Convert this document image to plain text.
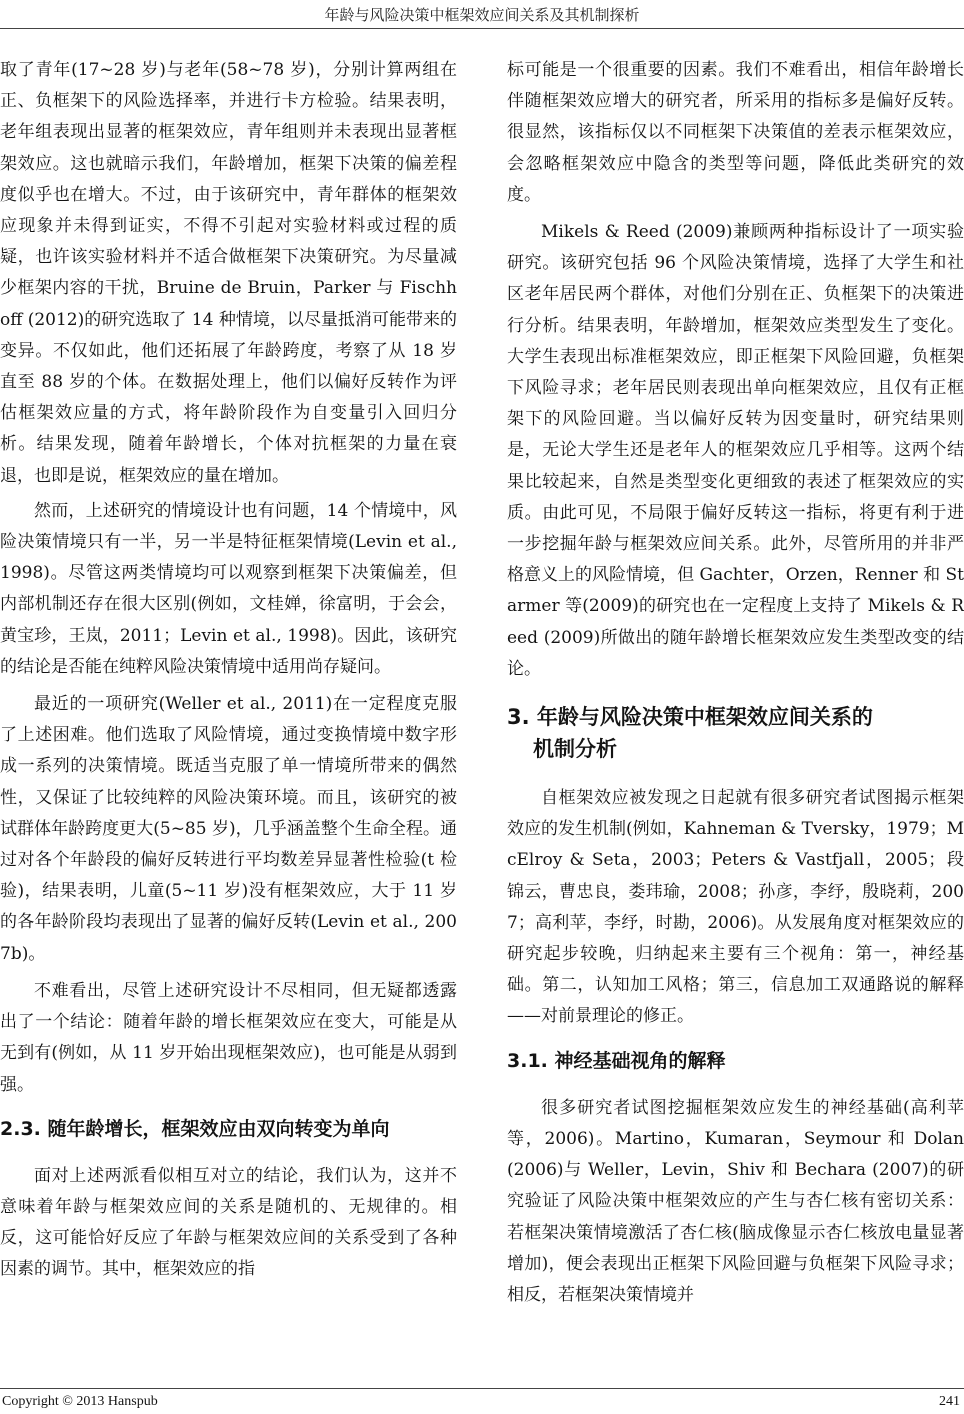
年龄与风险决策中框架效应间关系及其机制探析

取了青年(17~28 岁)与老年(58~78 岁)，分别计算两组在正、负框架下的风险选择率，并进行卡方检验。结果表明，老年组表现出显著的框架效应，青年组则并未表现出显著框架效应。这也就暗示我们，年龄增加，框架下决策的偏差程度似乎也在增大。不过，由于该研究中，青年群体的框架效应现象并未得到证实，不得不引起对实验材料或过程的质疑，也许该实验材料并不适合做框架下决策研究。为尽量减少框架内容的干扰，Bruine de Bruin，Parker 与 Fischhoff (2012)的研究选取了 14 种情境，以尽量抵消可能带来的变异。不仅如此，他们还拓展了年龄跨度，考察了从 18 岁直至 88 岁的个体。在数据处理上，他们以偏好反转作为评估框架效应量的方式，将年龄阶段作为自变量引入回归分析。结果发现，随着年龄增长，个体对抗框架的力量在衰退，也即是说，框架效应的量在增加。

然而，上述研究的情境设计也有问题，14 个情境中，风险决策情境只有一半，另一半是特征框架情境(Levin et al., 1998)。尽管这两类情境均可以观察到框架下决策偏差，但内部机制还存在很大区别(例如，文桂婵，徐富明，于会会，黄宝珍，王岚，2011；Levin et al., 1998)。因此，该研究的结论是否能在纯粹风险决策情境中适用尚存疑问。

最近的一项研究(Weller et al., 2011)在一定程度克服了上述困难。他们选取了风险情境，通过变换情境中数字形成一系列的决策情境。既适当克服了单一情境所带来的偶然性，又保证了比较纯粹的风险决策环境。而且，该研究的被试群体年龄跨度更大(5~85 岁)，几乎涵盖整个生命全程。通过对各个年龄段的偏好反转进行平均数差异显著性检验(t 检验)，结果表明，儿童(5~11 岁)没有框架效应，大于 11 岁的各年龄阶段均表现出了显著的偏好反转(Levin et al., 2007b)。

不难看出，尽管上述研究设计不尽相同，但无疑都透露出了一个结论：随着年龄的增长框架效应在变大，可能是从无到有(例如，从 11 岁开始出现框架效应)，也可能是从弱到强。

2.3. 随年龄增长，框架效应由双向转变为单向

面对上述两派看似相互对立的结论，我们认为，这并不意味着年龄与框架效应间的关系是随机的、无规律的。相反，这可能恰好反应了年龄与框架效应间的关系受到了各种因素的调节。其中，框架效应的指

标可能是一个很重要的因素。我们不难看出，相信年龄增长伴随框架效应增大的研究者，所采用的指标多是偏好反转。很显然，该指标仅以不同框架下决策值的差表示框架效应，会忽略框架效应中隐含的类型等问题，降低此类研究的效度。

Mikels & Reed (2009)兼顾两种指标设计了一项实验研究。该研究包括 96 个风险决策情境，选择了大学生和社区老年居民两个群体，对他们分别在正、负框架下的决策进行分析。结果表明，年龄增加，框架效应类型发生了变化。大学生表现出标准框架效应，即正框架下风险回避，负框架下风险寻求；老年居民则表现出单向框架效应，且仅有正框架下的风险回避。当以偏好反转为因变量时，研究结果则是，无论大学生还是老年人的框架效应几乎相等。这两个结果比较起来，自然是类型变化更细致的表述了框架效应的实质。由此可见，不局限于偏好反转这一指标，将更有利于进一步挖掘年龄与框架效应间关系。此外，尽管所用的并非严格意义上的风险情境，但 Gachter，Orzen，Renner 和 Starmer 等(2009)的研究也在一定程度上支持了 Mikels & Reed (2009)所做出的随年龄增长框架效应发生类型改变的结论。

3. 年龄与风险决策中框架效应间关系的
机制分析

自框架效应被发现之日起就有很多研究者试图揭示框架效应的发生机制(例如，Kahneman & Tversky，1979；McElroy & Seta，2003；Peters & Vastfjall，2005；段锦云，曹忠良，娄玮瑜，2008；孙彦，李纾，殷晓莉，2007；高利苹，李纾，时勘，2006)。从发展角度对框架效应的研究起步较晚，归纳起来主要有三个视角：第一，神经基础。第二，认知加工风格；第三，信息加工双通路说的解释——对前景理论的修正。

3.1. 神经基础视角的解释

很多研究者试图挖掘框架效应发生的神经基础(高利苹等，2006)。Martino，Kumaran，Seymour 和 Dolan (2006)与 Weller，Levin，Shiv 和 Bechara (2007)的研究验证了风险决策中框架效应的产生与杏仁核有密切关系：若框架决策情境激活了杏仁核(脑成像显示杏仁核放电量显著增加)，便会表现出正框架下风险回避与负框架下风险寻求；相反，若框架决策情境并

Copyright © 2013 Hanspub	241
